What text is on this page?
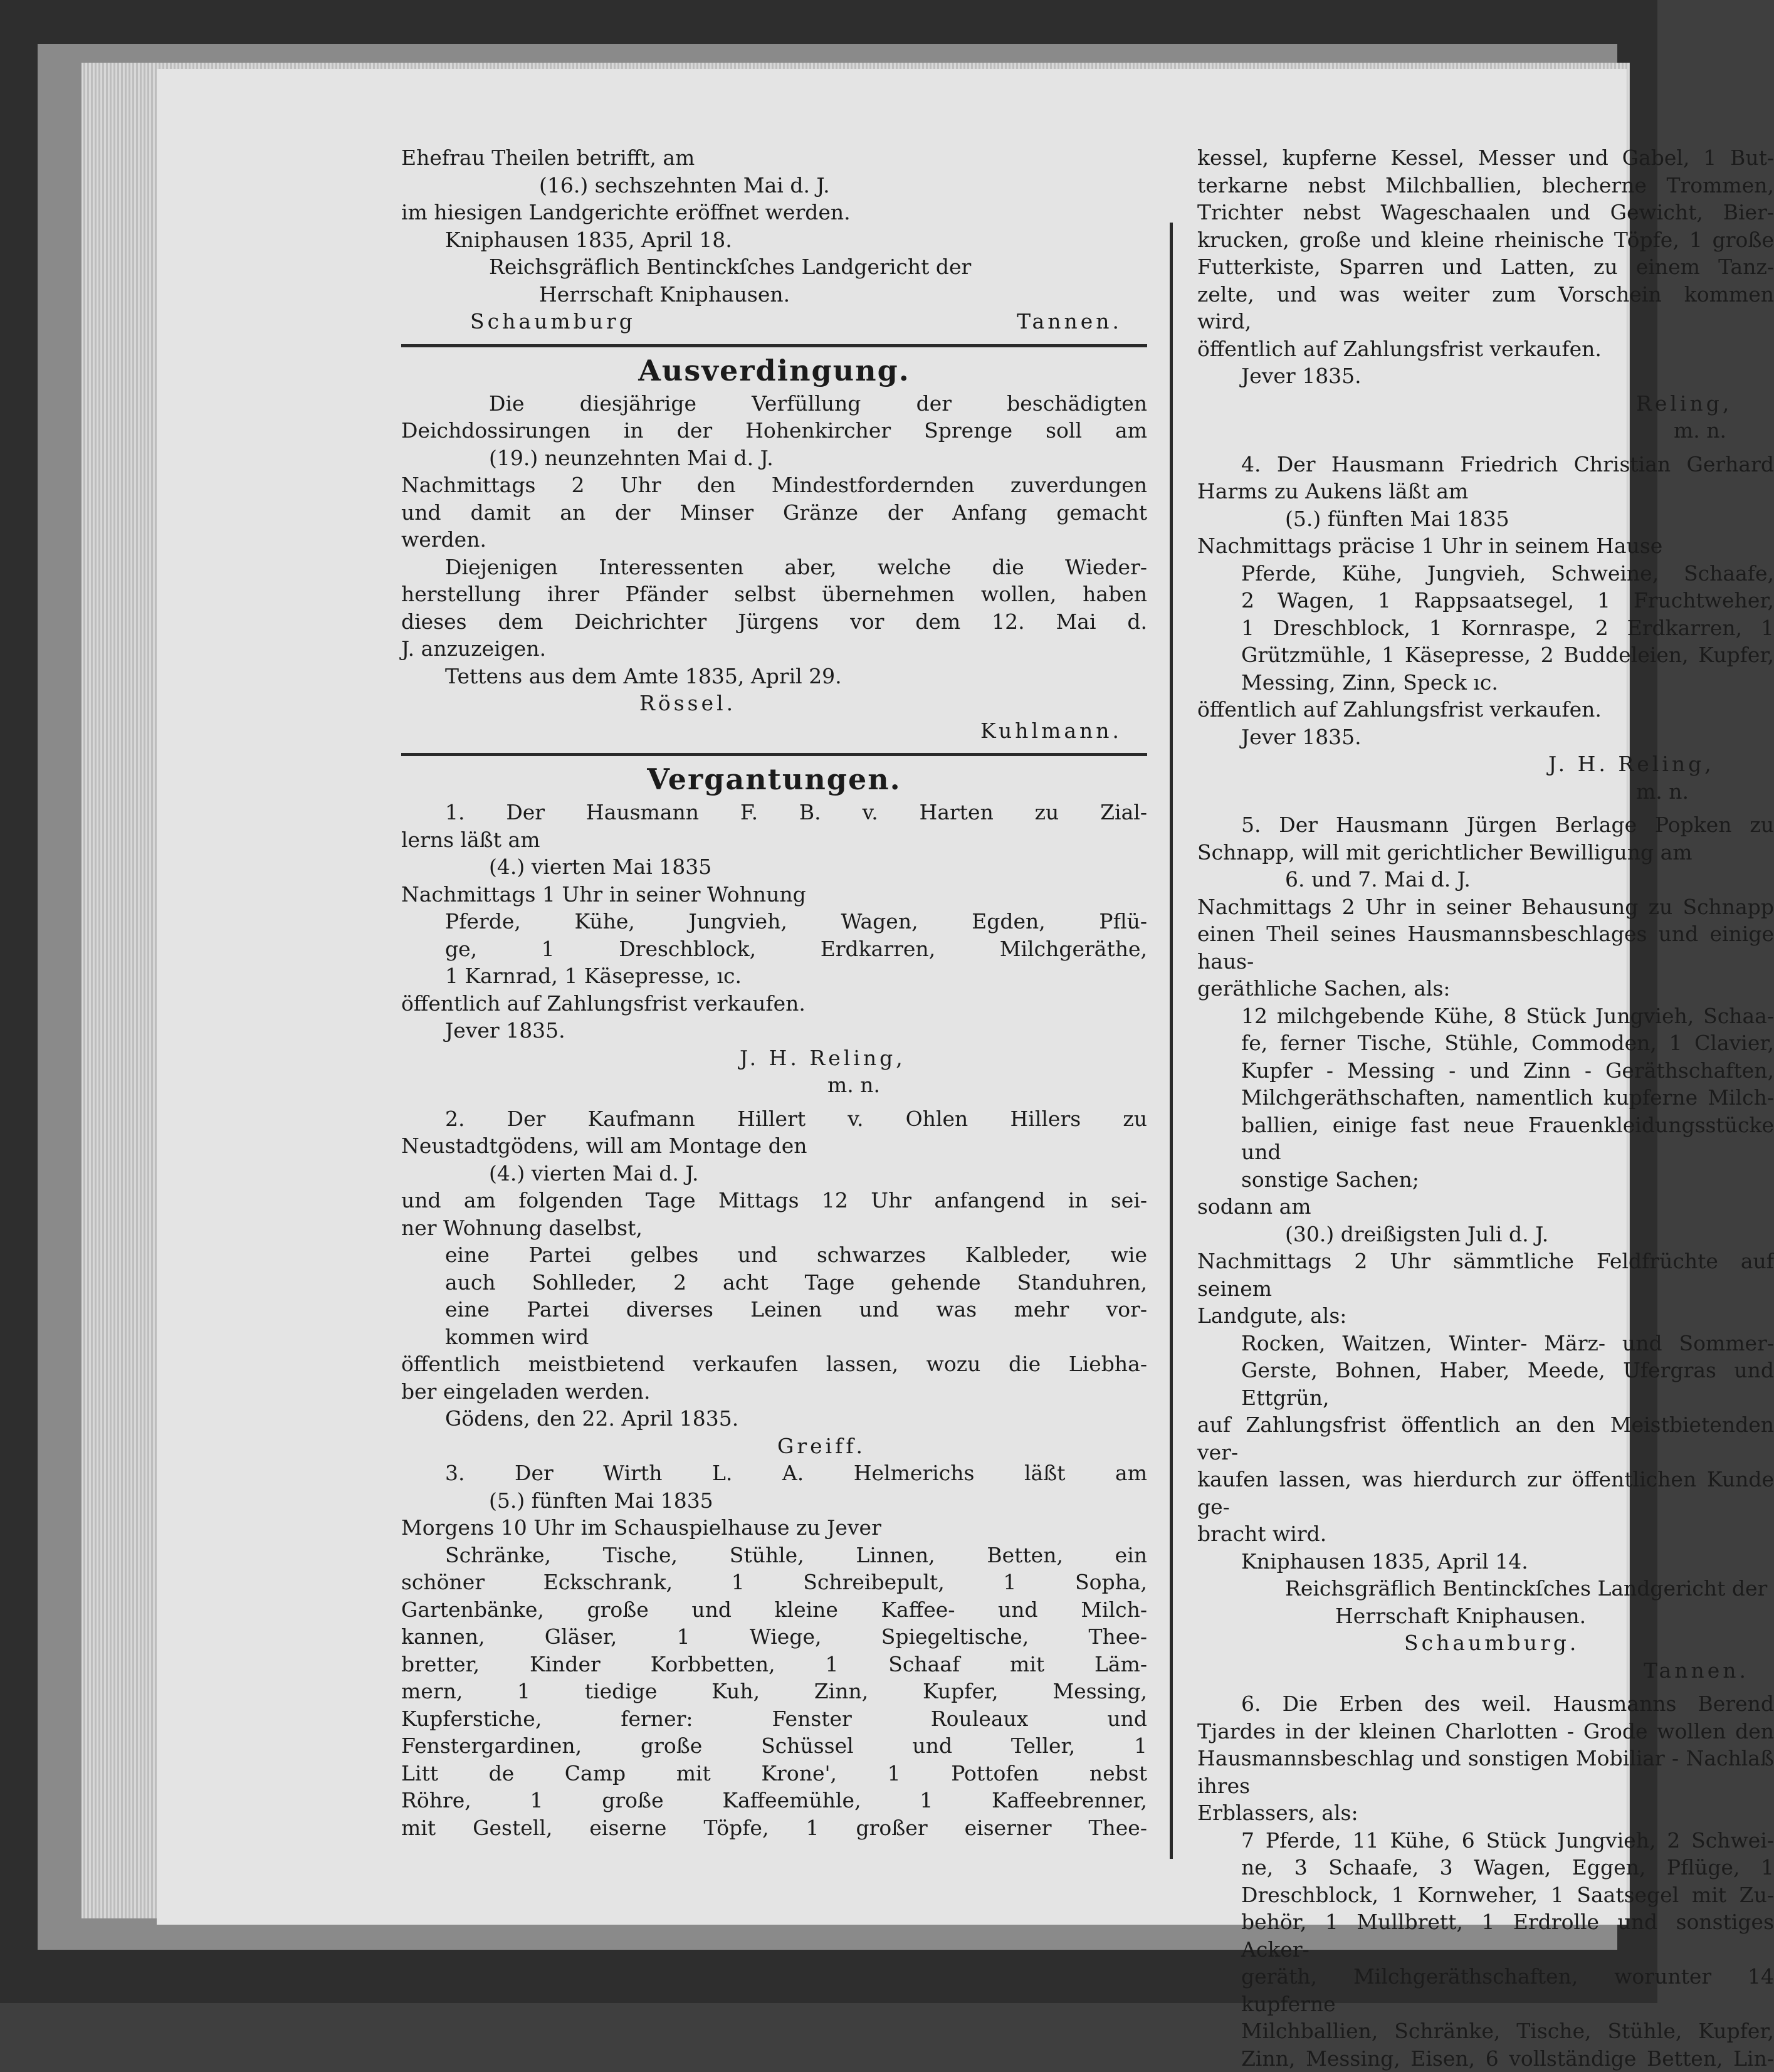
Ehefrau Theilen betrifft, am

(16.) sechszehnten Mai d. J.

im hiesigen Landgerichte eröffnet werden.

Kniphausen 1835, April 18.

Reichsgräflich Bentinckſches Landgericht der

Herrschaft Kniphausen.

Schaumburg	Tannen.
Ausverdingung.

Die diesjährige Verfüllung der beschädigten

Deichdossirungen in der Hohenkircher Sprenge soll am

(19.) neunzehnten Mai d. J.

Nachmittags 2 Uhr den Mindestfordernden zuverdungen

und damit an der Minser Gränze der Anfang gemacht

werden.

Diejenigen Interessenten aber, welche die Wieder-

herstellung ihrer Pfänder selbst übernehmen wollen, haben

dieses dem Deichrichter Jürgens vor dem 12. Mai d.

J. anzuzeigen.

Tettens aus dem Amte 1835, April 29.

Rössel.

Kuhlmann.

Vergantungen.

1. Der Hausmann F. B. v. Harten zu Zial-

lerns läßt am

(4.) vierten Mai 1835

Nachmittags 1 Uhr in seiner Wohnung

Pferde, Kühe, Jungvieh, Wagen, Egden, Pflü-

ge, 1 Dreschblock, Erdkarren, Milchgeräthe,

1 Karnrad, 1 Käsepresse, ıc.

öffentlich auf Zahlungsfrist verkaufen.

Jever 1835.

J. H. Reling,

m. n.

2. Der Kaufmann Hillert v. Ohlen Hillers zu

Neustadtgödens, will am Montage den

(4.) vierten Mai d. J.

und am folgenden Tage Mittags 12 Uhr anfangend in sei-

ner Wohnung daselbst,

eine Partei gelbes und schwarzes Kalbleder, wie

auch Sohlleder, 2 acht Tage gehende Standuhren,

eine Partei diverses Leinen und was mehr vor-

kommen wird

öffentlich meistbietend verkaufen lassen, wozu die Liebha-

ber eingeladen werden.

Gödens, den 22. April 1835.

Greiff.

3. Der Wirth L. A. Helmerichs läßt am

(5.) fünften Mai 1835

Morgens 10 Uhr im Schauspielhause zu Jever

Schränke, Tische, Stühle, Linnen, Betten, ein

schöner Eckschrank, 1 Schreibepult, 1 Sopha,

Gartenbänke, große und kleine Kaffee- und Milch-

kannen, Gläser, 1 Wiege, Spiegeltische, Thee-

bretter, Kinder Korbbetten, 1 Schaaf mit Läm-

mern, 1 tiedige Kuh, Zinn, Kupfer, Messing,

Kupferstiche, ferner: Fenster Rouleaux und

Fenstergardinen, große Schüssel und Teller, 1

Litt de Camp mit Krone', 1 Pottofen nebst

Röhre, 1 große Kaffeemühle, 1 Kaffeebrenner,

mit Gestell, eiserne Töpfe, 1 großer eiserner Thee-

kessel, kupferne Kessel, Messer und Gabel, 1 But-

terkarne nebst Milchballien, blecherne Trommen,

Trichter nebst Wageschaalen und Gewicht, Bier-

krucken, große und kleine rheinische Töpfe, 1 große

Futterkiste, Sparren und Latten, zu einem Tanz-

zelte, und was weiter zum Vorschein kommen

wird,

öffentlich auf Zahlungsfrist verkaufen.

Jever 1835.

Reling,

m. n.

4. Der Hausmann Friedrich Christian Gerhard

Harms zu Aukens läßt am

(5.) fünften Mai 1835

Nachmittags präcise 1 Uhr in seinem Hause

Pferde, Kühe, Jungvieh, Schweine, Schaafe,

2 Wagen, 1 Rappsaatsegel, 1 Fruchtweher,

1 Dreschblock, 1 Kornraspe, 2 Erdkarren, 1

Grützmühle, 1 Käsepresse, 2 Buddeleien, Kupfer,

Messing, Zinn, Speck ıc.

öffentlich auf Zahlungsfrist verkaufen.

Jever 1835.

J. H. Reling,

m. n.

5. Der Hausmann Jürgen Berlage Popken zu

Schnapp, will mit gerichtlicher Bewilligung am

6. und 7. Mai d. J.

Nachmittags 2 Uhr in seiner Behausung zu Schnapp

einen Theil seines Hausmannsbeschlages und einige haus-

geräthliche Sachen, als:

12 milchgebende Kühe, 8 Stück Jungvieh, Schaa-

fe, ferner Tische, Stühle, Commoden, 1 Clavier,

Kupfer - Messing - und Zinn - Geräthschaften,

Milchgeräthschaften, namentlich kupferne Milch-

ballien, einige fast neue Frauenkleidungsstücke und

sonstige Sachen;

sodann am

(30.) dreißigsten Juli d. J.

Nachmittags 2 Uhr sämmtliche Feldfrüchte auf seinem

Landgute, als:

Rocken, Waitzen, Winter- März- und Sommer-

Gerste, Bohnen, Haber, Meede, Ufergras und

Ettgrün,

auf Zahlungsfrist öffentlich an den Meistbietenden ver-

kaufen lassen, was hierdurch zur öffentlichen Kunde ge-

bracht wird.

Kniphausen 1835, April 14.

Reichsgräflich Bentinckſches Landgericht der

Herrschaft Kniphausen.

Schaumburg.

Tannen.

6. Die Erben des weil. Hausmanns Berend

Tjardes in der kleinen Charlotten - Grode wollen den

Hausmannsbeschlag und sonstigen Mobiliar - Nachlaß ihres

Erblassers, als:

7 Pferde, 11 Kühe, 6 Stück Jungvieh, 2 Schwei-

ne, 3 Schaafe, 3 Wagen, Eggen, Pflüge, 1

Dreschblock, 1 Kornweher, 1 Saatsegel mit Zu-

behör, 1 Mullbrett, 1 Erdrolle und sonstiges Acker-

geräth, Milchgeräthschaften, worunter 14 kupferne

Milchballien, Schränke, Tische, Stühle, Kupfer,

Zinn, Messing, Eisen, 6 vollständige Betten, Lin-
